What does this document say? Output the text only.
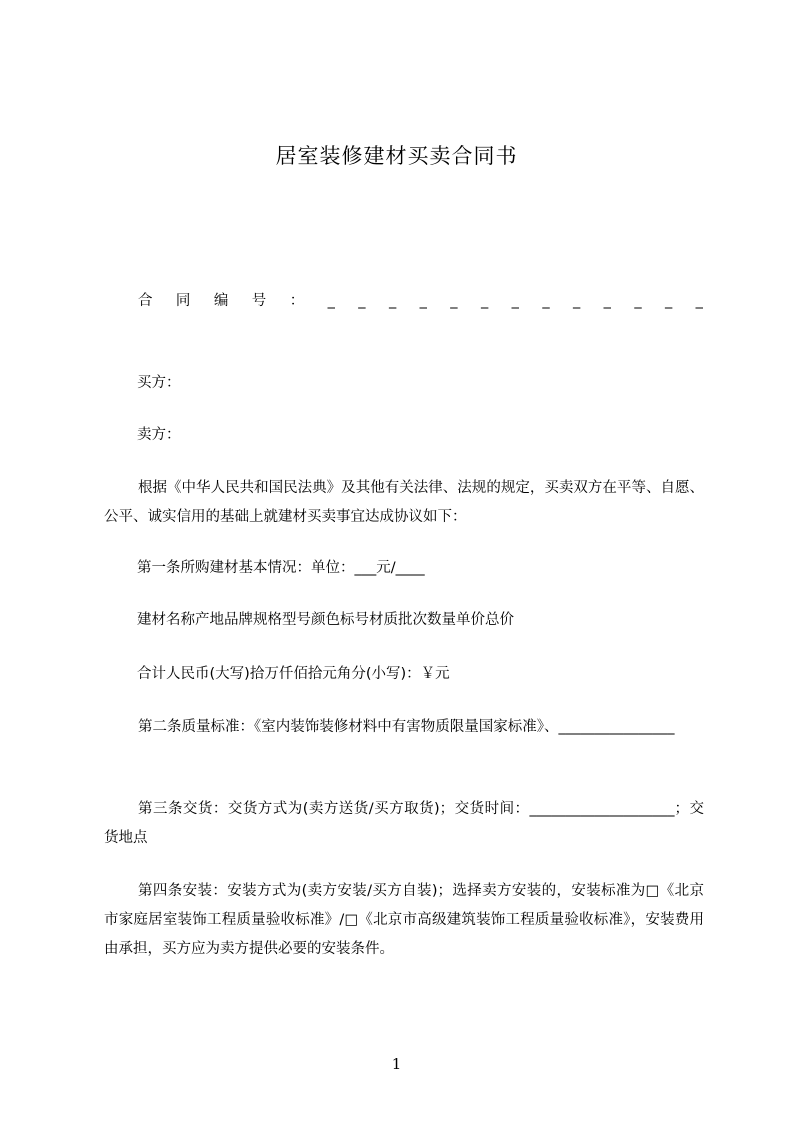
居室装修建材买卖合同书
合 同 编 号 ： _ _ _ _ _ _ _ _ _ _ _ _ _
买方：
卖方：
根据《中华人民共和国民法典》及其他有关法律、法规的规定，买卖双方在平等、自愿、公平、诚实信用的基础上就建材买卖事宜达成协议如下：
第一条所购建材基本情况：单位：___元/____
建材名称产地品牌规格型号颜色标号材质批次数量单价总价
合计人民币(大写)拾万仟佰拾元角分(小写)：￥元
第二条质量标准：《室内装饰装修材料中有害物质限量国家标准》、________________
第三条交货：交货方式为(卖方送货/买方取货)；交货时间：____________________；交货地点
第四条安装：安装方式为(卖方安装/买方自装)；选择卖方安装的，安装标准为□《北京市家庭居室装饰工程质量验收标准》/□《北京市高级建筑装饰工程质量验收标准》，安装费用由承担，买方应为卖方提供必要的安装条件。
1
